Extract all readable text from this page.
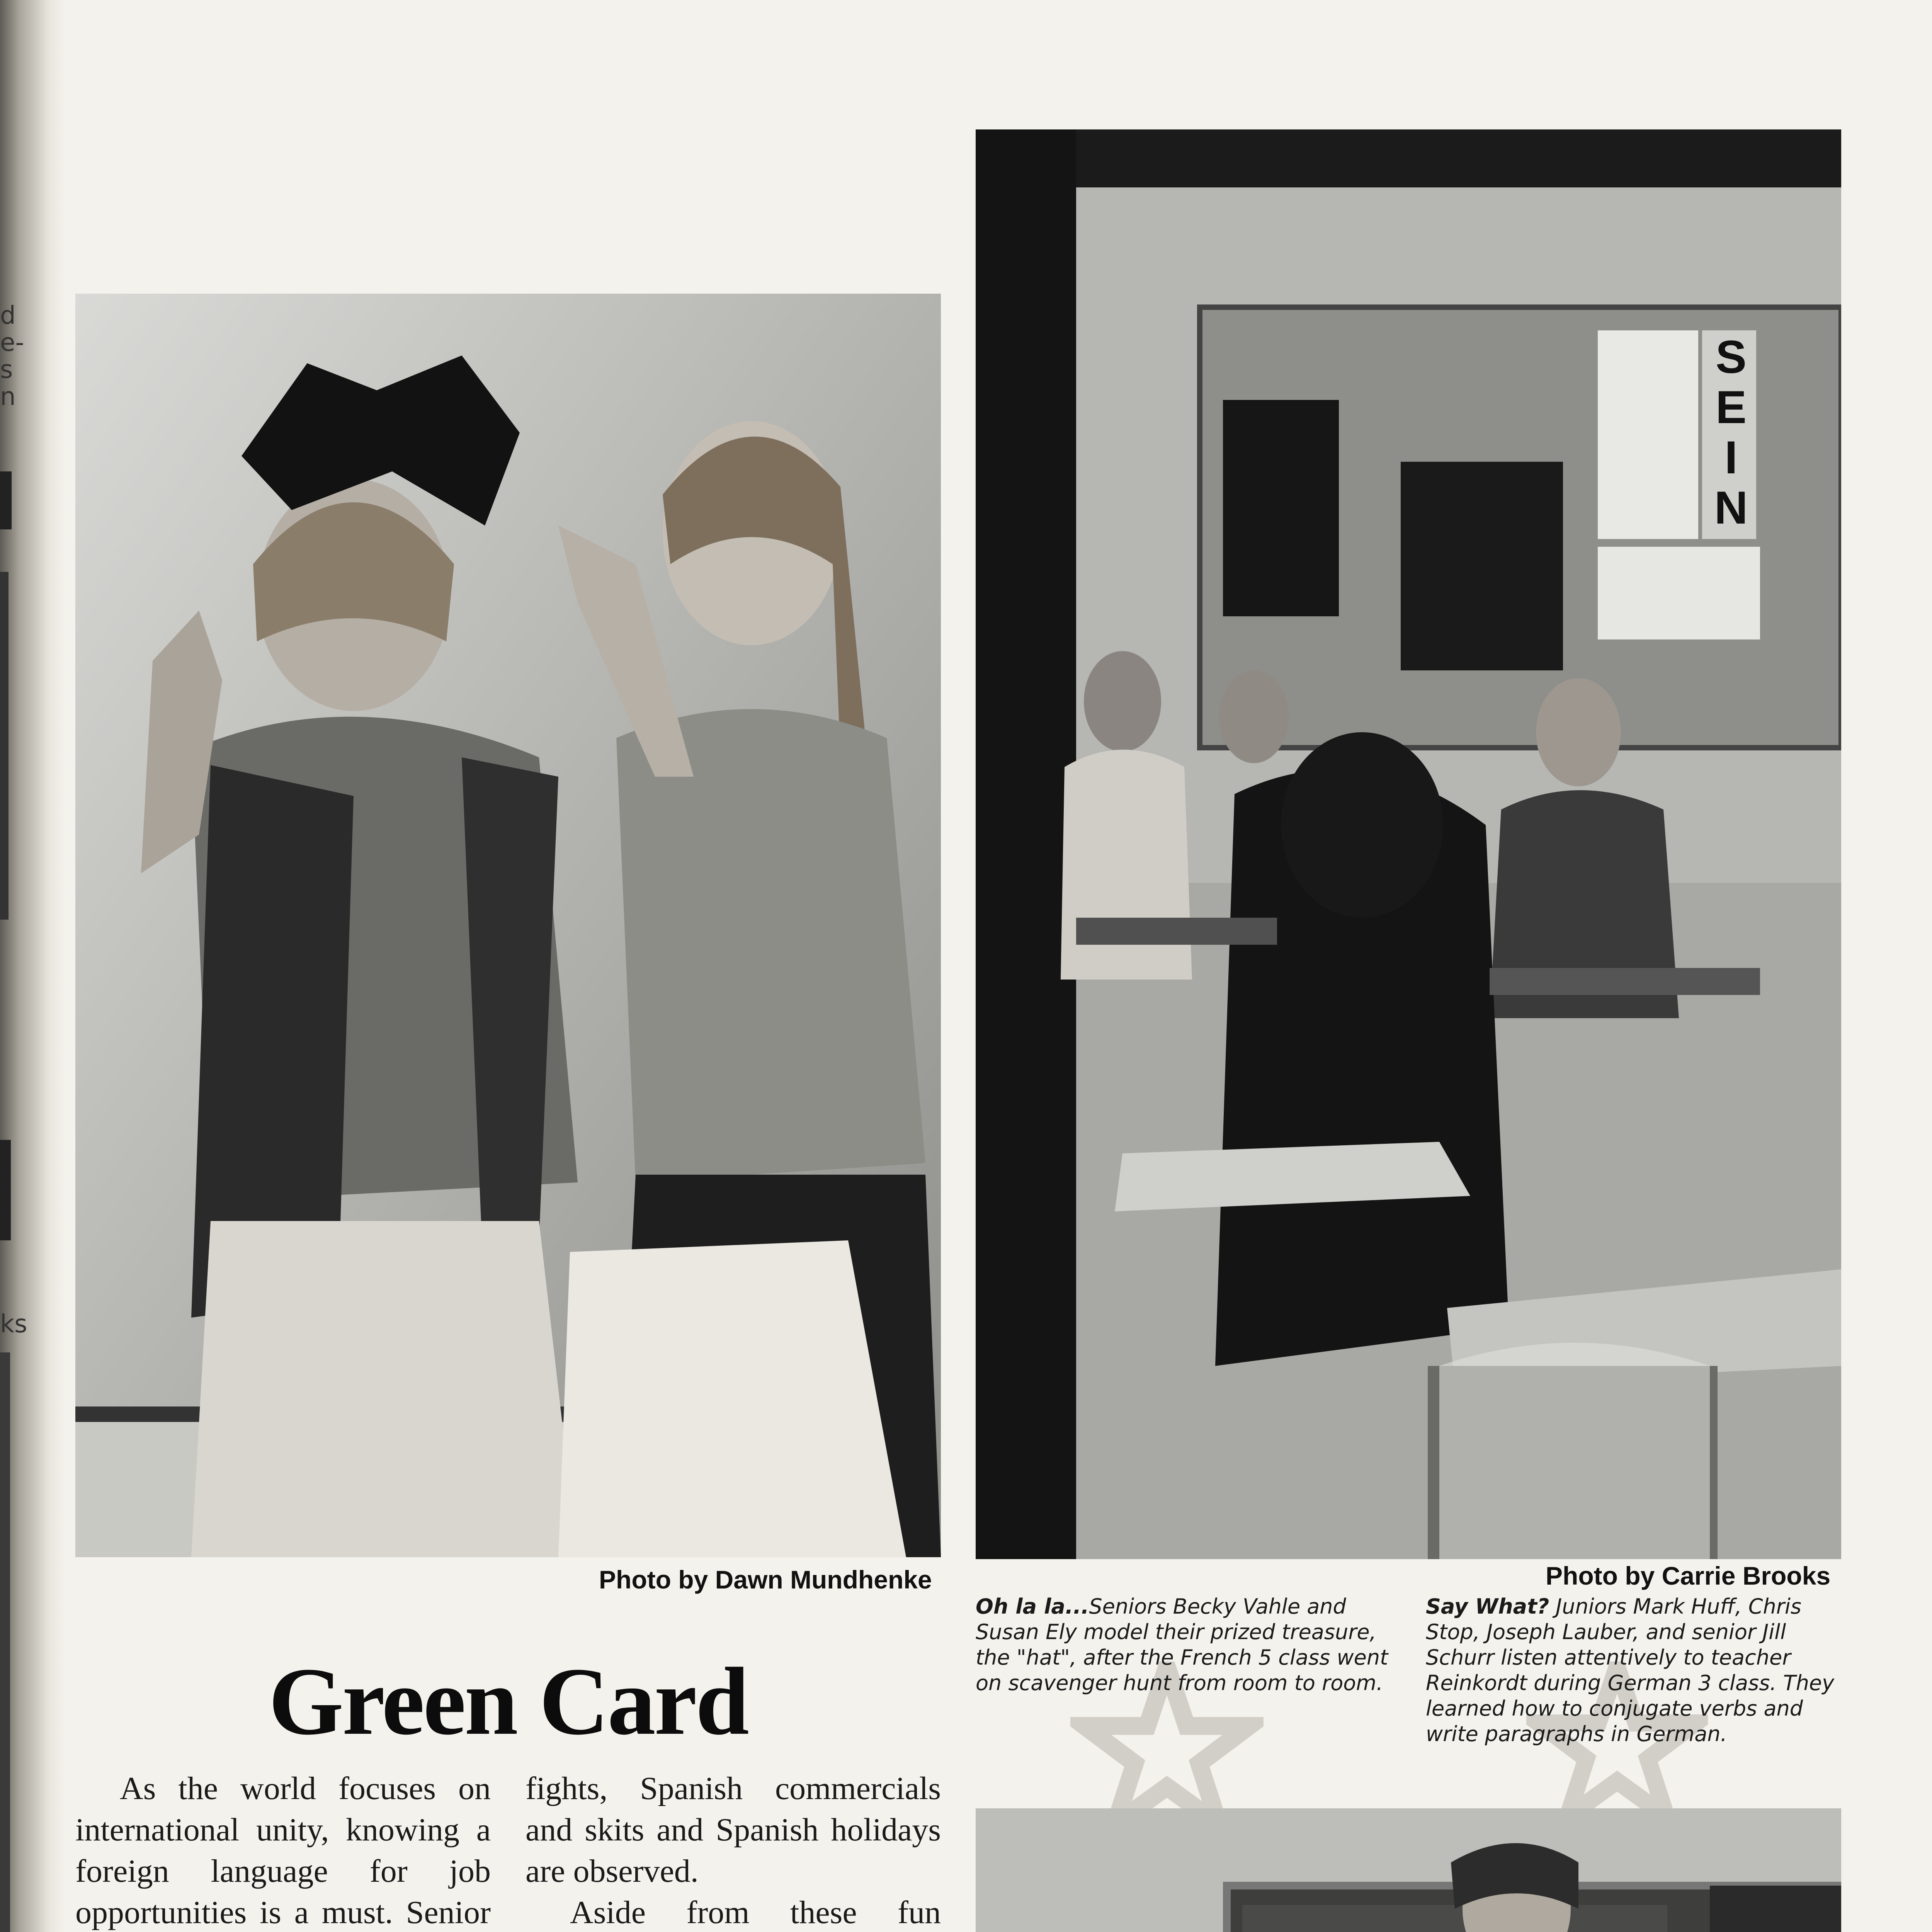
d
e-
s
n
ks
Photo by Dawn Mundhenke
S
E
I
N
Photo by Carrie Brooks
Oh la la...Seniors Becky Vahle and Susan Ely model their prized treasure, the "hat", after the French 5 class went on scavenger hunt from room to room.
Say What? Juniors Mark Huff, Chris Stop, Joseph Lauber, and senior Jill Schurr listen attentively to teacher Reinkordt during German 3 class. They learned how to conjugate verbs and write paragraphs in German.
Green Card

As the world focuses on international unity, knowing a foreign language for job opportunities is a must. Senior

fights, Spanish commercials and skits and Spanish holidays are observed.

Aside from these fun
